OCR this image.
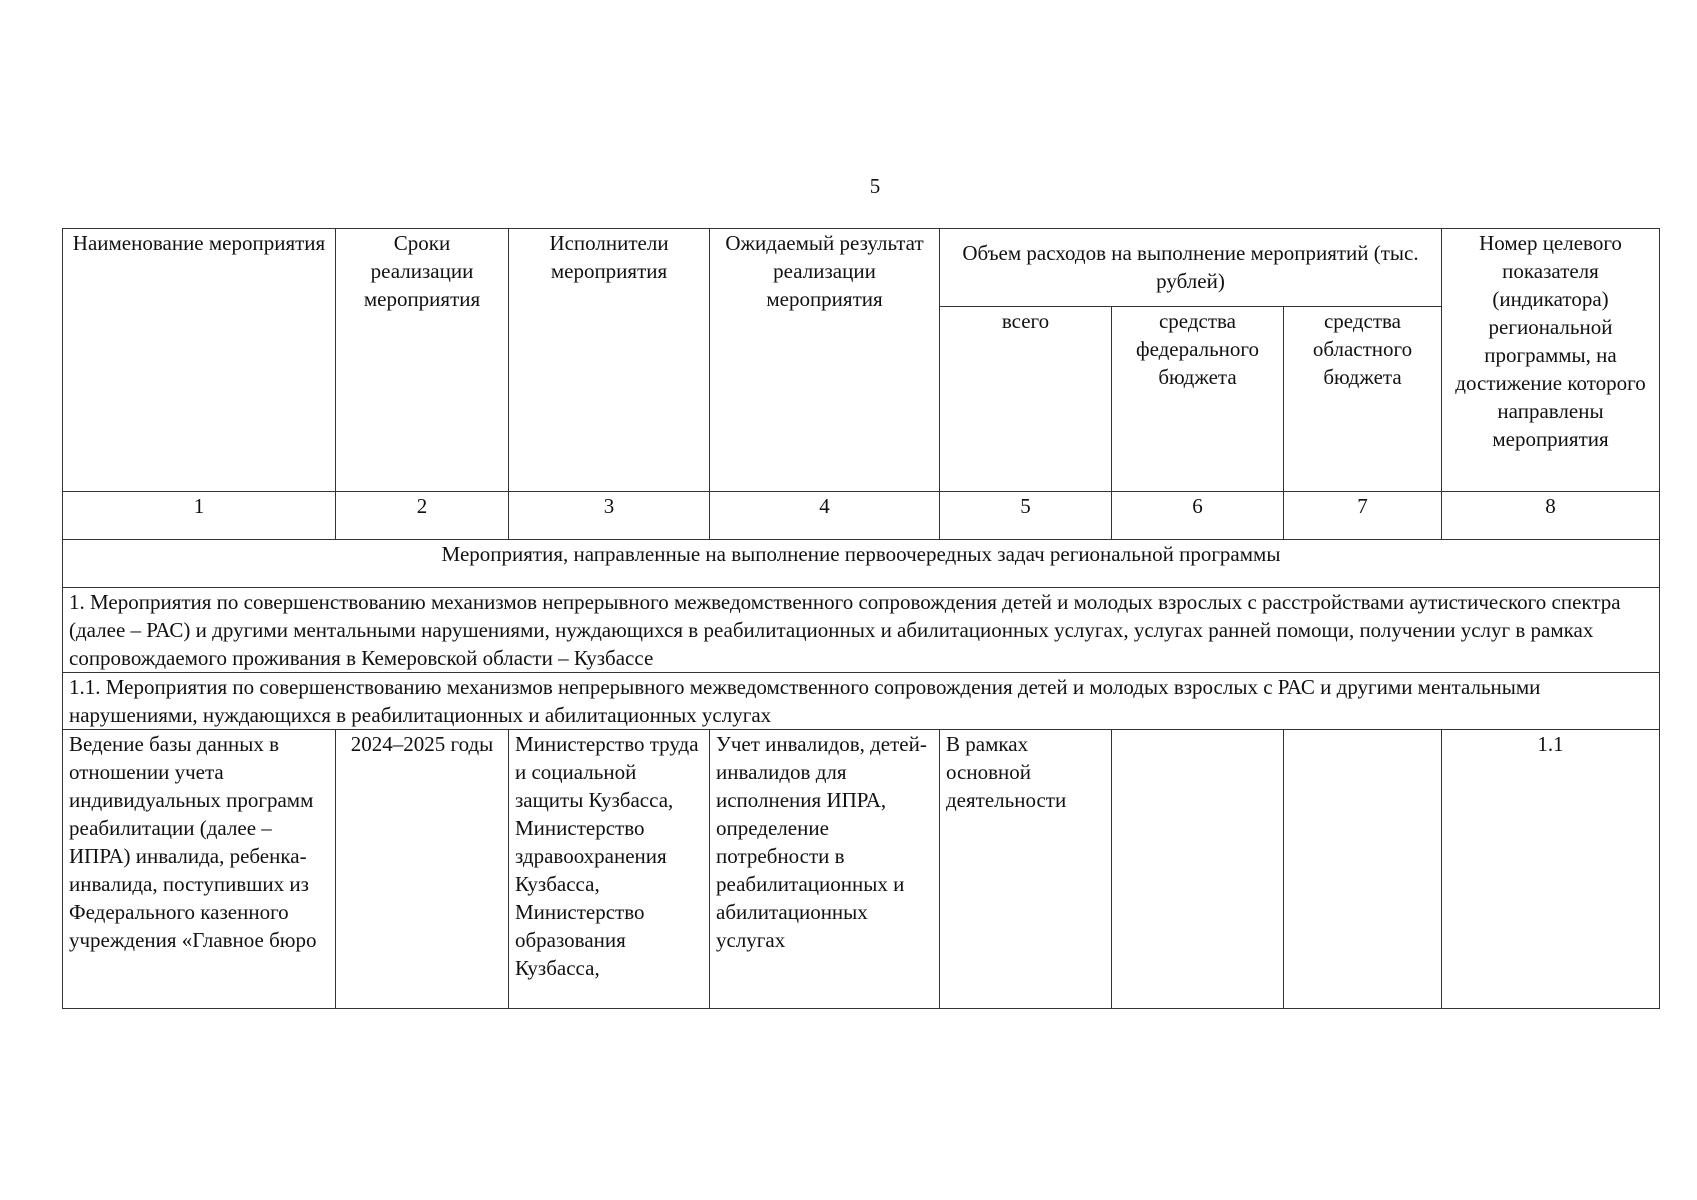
5
Наименование мероприятия	Сроки реализации мероприятия	Исполнители мероприятия	Ожидаемый результат реализации мероприятия	Объем расходов на выполнение мероприятий (тыс. рублей)			Номер целевого показателя (индикатора) региональной программы, на достижение которого направлены мероприятия
				всего	средства федерального бюджета	средства областного бюджета	
1	2	3	4	5	6	7	8
Мероприятия, направленные на выполнение первоочередных задач региональной программы							
1. Мероприятия по совершенствованию механизмов непрерывного межведомственного сопровождения детей и молодых взрослых с расстройствами аутистического спектра (далее – РАС) и другими ментальными нарушениями, нуждающихся в реабилитационных и абилитационных услугах, услугах ранней помощи, получении услуг в рамках сопровождаемого проживания в Кемеровской области – Кузбассе							
1.1. Мероприятия по совершенствованию механизмов непрерывного межведомственного сопровождения детей и молодых взрослых с РАС и другими ментальными нарушениями, нуждающихся в реабилитационных и абилитационных услугах							
Ведение базы данных в отношении учета индивидуальных программ реабилитации (далее – ИПРА) инвалида, ребенка-инвалида, поступивших из Федерального казенного учреждения «Главное бюро	2024–2025 годы	Министерство труда и социальной защиты Кузбасса, Министерство здравоохранения Кузбасса, Министерство образования Кузбасса,	Учет инвалидов, детей-инвалидов для исполнения ИПРА, определение потребности в реабилитационных и абилитационных услугах	В рамках основной деятельности			1.1
